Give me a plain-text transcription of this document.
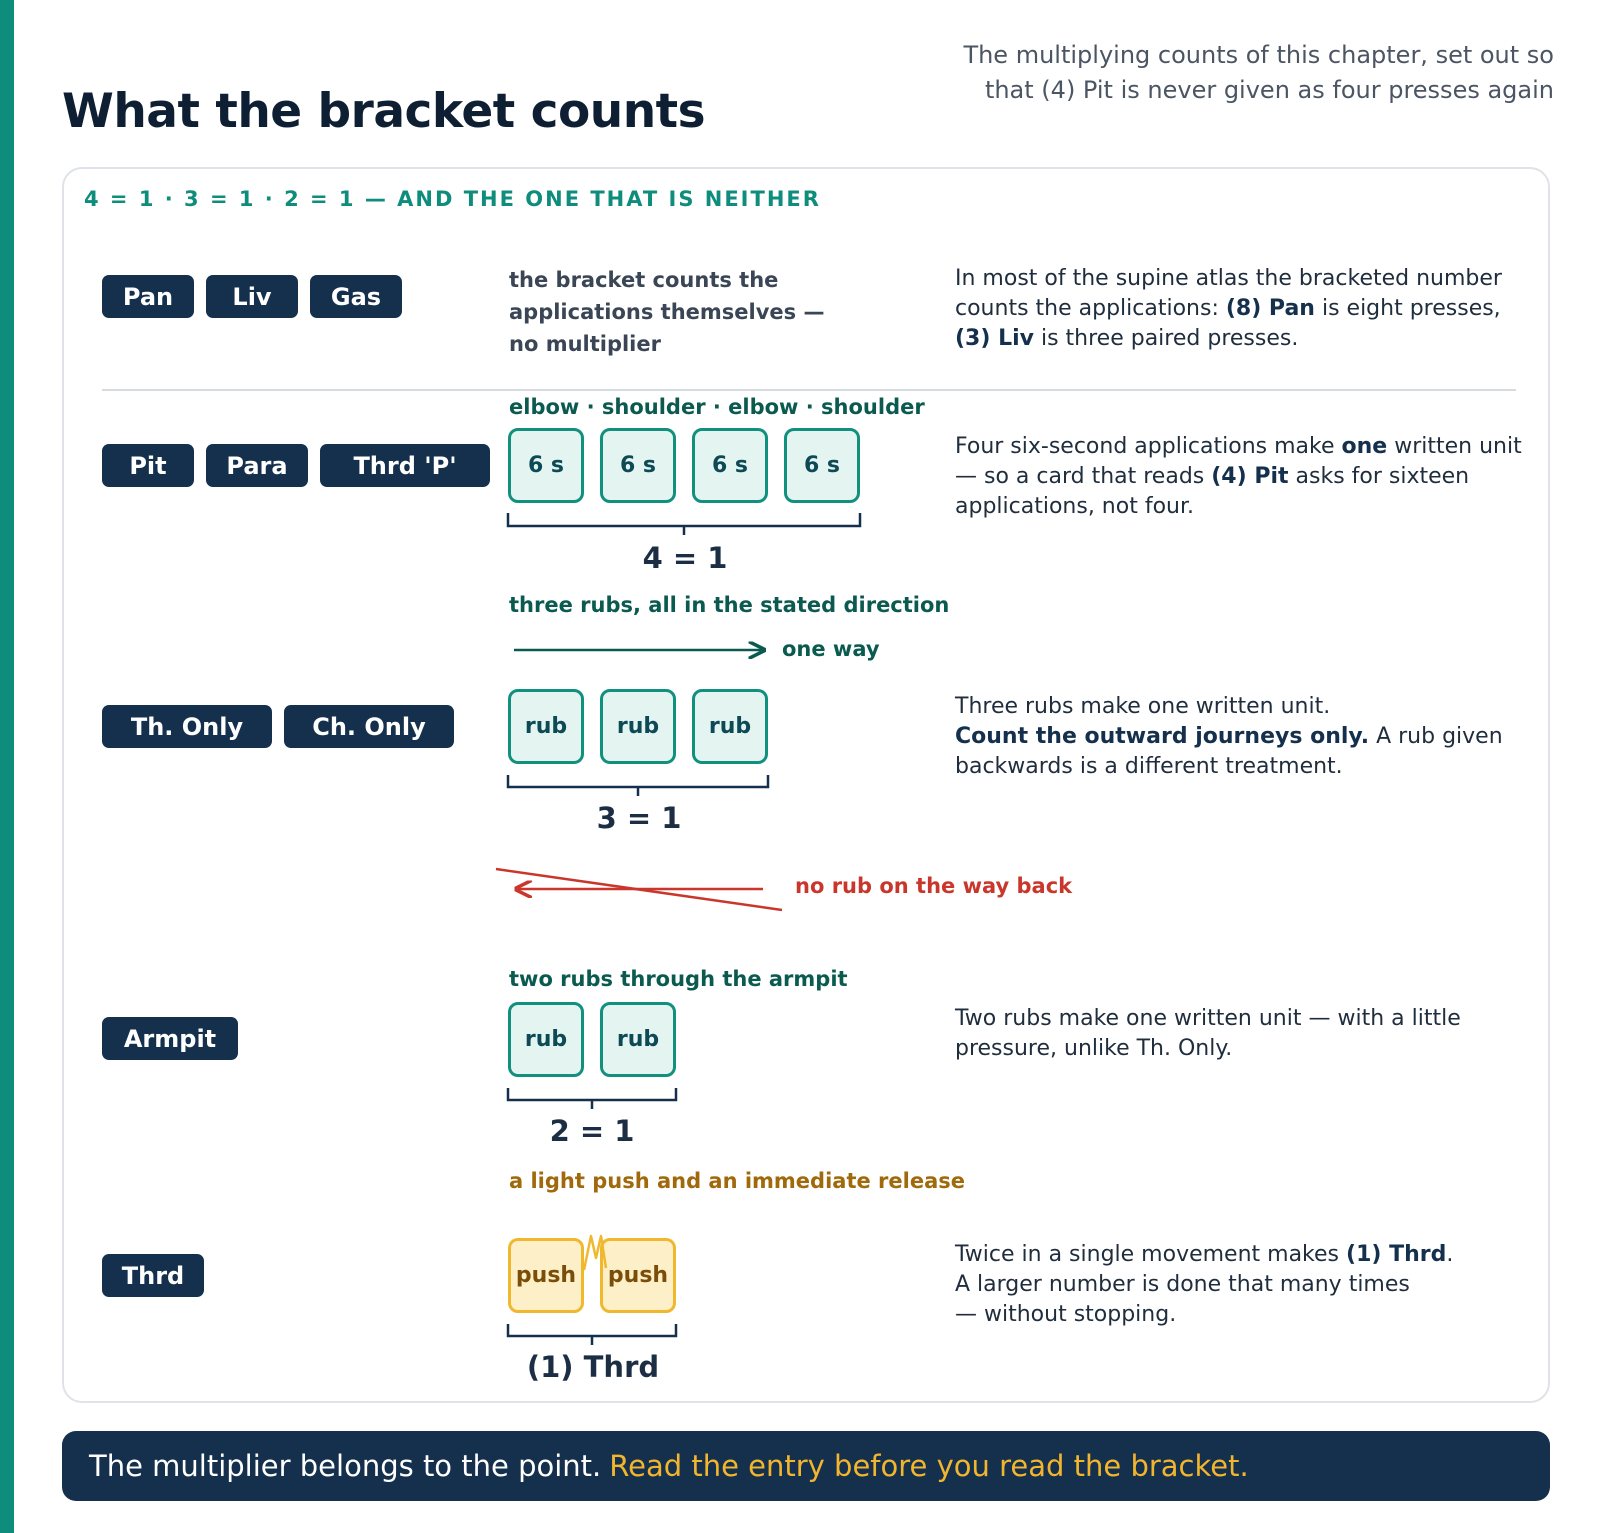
What the bracket counts
The multiplying counts of this chapter, set out so that (4) Pit is never given as four presses again
4 = 1 · 3 = 1 · 2 = 1 — AND THE ONE THAT IS NEITHER
Pan	Liv	Gas
the bracket counts the applications themselves — no multiplier
In most of the supine atlas the bracketed number counts the applications: (8) Pan is eight presses, (3) Liv is three paired presses.
Pit	Para	Thrd 'P'
elbow · shoulder · elbow · shoulder
6 s	6 s	6 s	6 s
4 = 1
Four six-second applications make one written unit — so a card that reads (4) Pit asks for sixteen applications, not four.
three rubs, all in the stated direction
one way
Th. Only	Ch. Only	rub	rub	rub
3 = 1
Three rubs make one written unit.
Count the outward journeys only. A rub given backwards is a different treatment.
no rub on the way back
two rubs through the armpit
Armpit	rub	rub
2 = 1
Two rubs make one written unit — with a little pressure, unlike Th. Only.
a light push and an immediate release
Thrd	push	push
(1) Thrd
Twice in a single movement makes (1) Thrd.
A larger number is done that many times
— without stopping.
The multiplier belongs to the point. Read the entry before you read the bracket.
